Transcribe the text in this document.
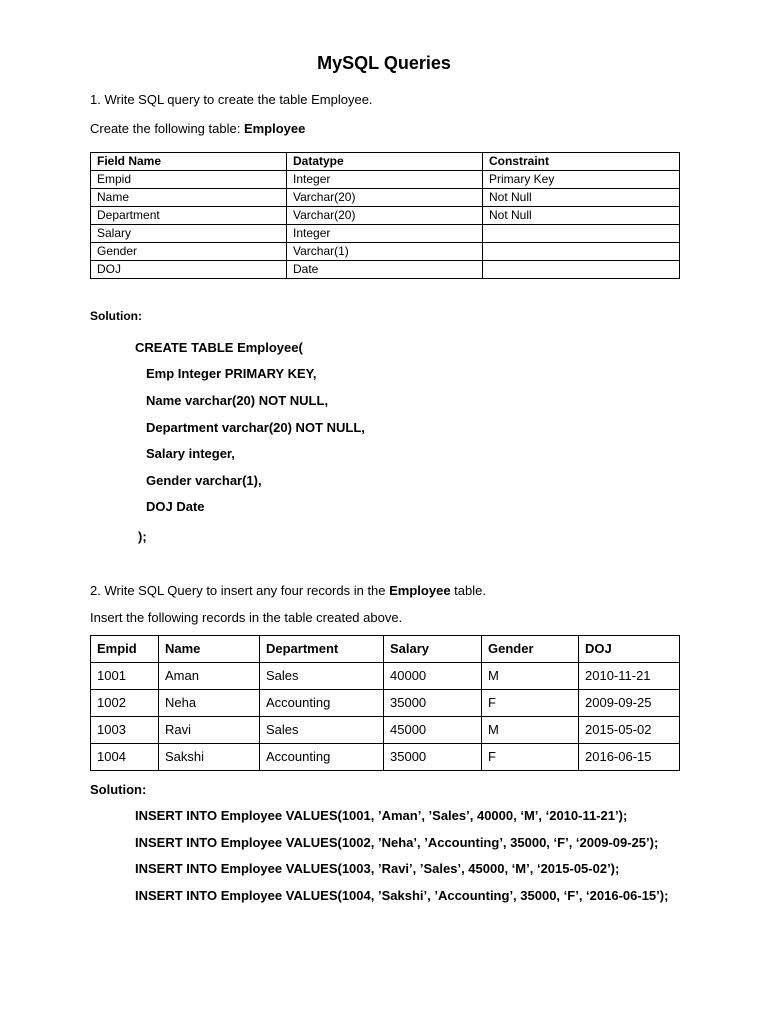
MySQL Queries
1. Write SQL query to create the table Employee.
Create the following table: Employee
Field Name	Datatype	Constraint
Empid	Integer	Primary Key
Name	Varchar(20)	Not Null
Department	Varchar(20)	Not Null
Salary	Integer	
Gender	Varchar(1)	
DOJ	Date	
Solution:
CREATE TABLE Employee(
Emp Integer PRIMARY KEY,
Name varchar(20) NOT NULL,
Department varchar(20) NOT NULL,
Salary integer,
Gender varchar(1),
DOJ Date
);
2. Write SQL Query to insert any four records in the Employee table.
Insert the following records in the table created above.
Empid	Name	Department	Salary	Gender	DOJ
1001	Aman	Sales	40000	M	2010-11-21
1002	Neha	Accounting	35000	F	2009-09-25
1003	Ravi	Sales	45000	M	2015-05-02
1004	Sakshi	Accounting	35000	F	2016-06-15
Solution:
INSERT INTO Employee VALUES(1001, ’Aman’, ’Sales’, 40000, ‘M’, ‘2010-11-21’);
INSERT INTO Employee VALUES(1002, ’Neha’, ’Accounting’, 35000, ‘F’, ‘2009-09-25’);
INSERT INTO Employee VALUES(1003, ’Ravi’, ’Sales’, 45000, ‘M’, ‘2015-05-02’);
INSERT INTO Employee VALUES(1004, ’Sakshi’, ’Accounting’, 35000, ‘F’, ‘2016-06-15’);
